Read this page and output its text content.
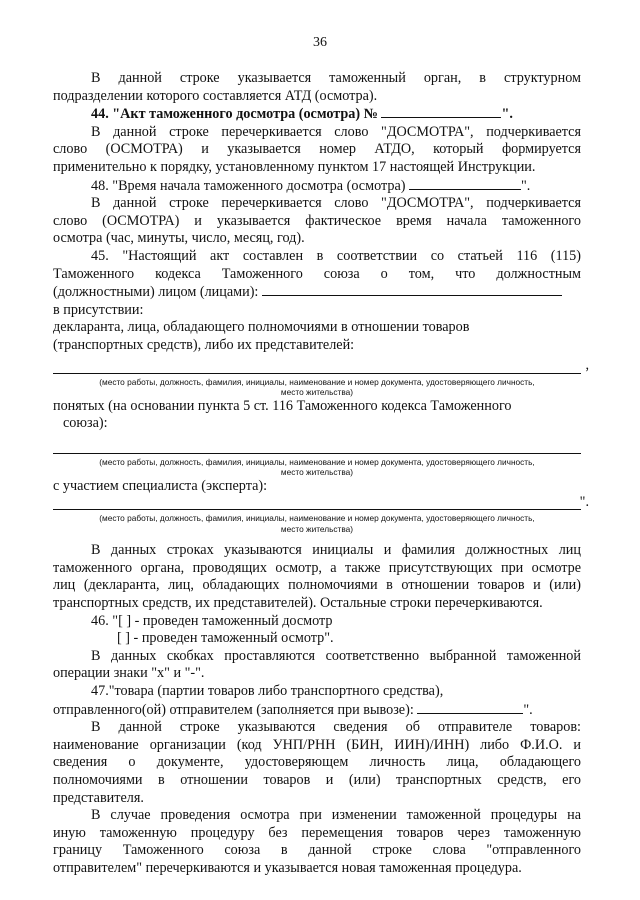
36

В данной строке указывается таможенный орган, в структурном

подразделении которого составляется АТД (осмотра).

44. "Акт таможенного досмотра (осмотра) №	".

В данной строке перечеркивается слово "ДОСМОТРА", подчеркивается

слово (ОСМОТРА) и указывается номер АТДО, который формируется

применительно к порядку, установленному пунктом 17 настоящей Инструкции.

48. "Время начала таможенного досмотра (осмотра)	".

В данной строке перечеркивается слово "ДОСМОТРА", подчеркивается

слово (ОСМОТРА) и указывается фактическое время начала таможенного

осмотра (час, минуты, число, месяц, год).

45. "Настоящий акт составлен в соответствии со статьей 116 (115)

Таможенного кодекса Таможенного союза о том, что должностным

(должностными) лицом (лицами):

в присутствии:

декларанта, лица, обладающего полномочиями в отношении товаров

(транспортных средств), либо их представителей:

,
(место работы, должность, фамилия, инициалы, наименование и номер документа, удостоверяющего личность,
место жительства)

понятых (на основании пункта 5 ст. 116 Таможенного кодекса Таможенного

союза):

(место работы, должность, фамилия, инициалы, наименование и номер документа, удостоверяющего личность,
место жительства)

с участием специалиста (эксперта):

".
(место работы, должность, фамилия, инициалы, наименование и номер документа, удостоверяющего личность,
место жительства)

В данных строках указываются инициалы и фамилия должностных лиц

таможенного органа, проводящих осмотр, а также присутствующих при осмотре

лиц (декларанта, лиц, обладающих полномочиями в отношении товаров и (или)

транспортных средств, их представителей). Остальные строки перечеркиваются.

46. "[ ] - проведен таможенный досмотр

[ ] - проведен таможенный осмотр".

В данных скобках проставляются соответственно выбранной таможенной

операции знаки "х" и "-".

47."товара (партии товаров либо транспортного средства),

отправленного(ой) отправителем (заполняется при вывозе):	".

В данной строке указываются сведения об отправителе товаров:

наименование организации (код УНП/РНН (БИН, ИИН)/ИНН) либо Ф.И.О. и

сведения о документе, удостоверяющем личность лица, обладающего

полномочиями в отношении товаров и (или) транспортных средств, его

представителя.

В случае проведения осмотра при изменении таможенной процедуры на

иную таможенную процедуру без перемещения товаров через таможенную

границу Таможенного союза в данной строке слова "отправленного

отправителем" перечеркиваются и указывается новая таможенная процедура.
